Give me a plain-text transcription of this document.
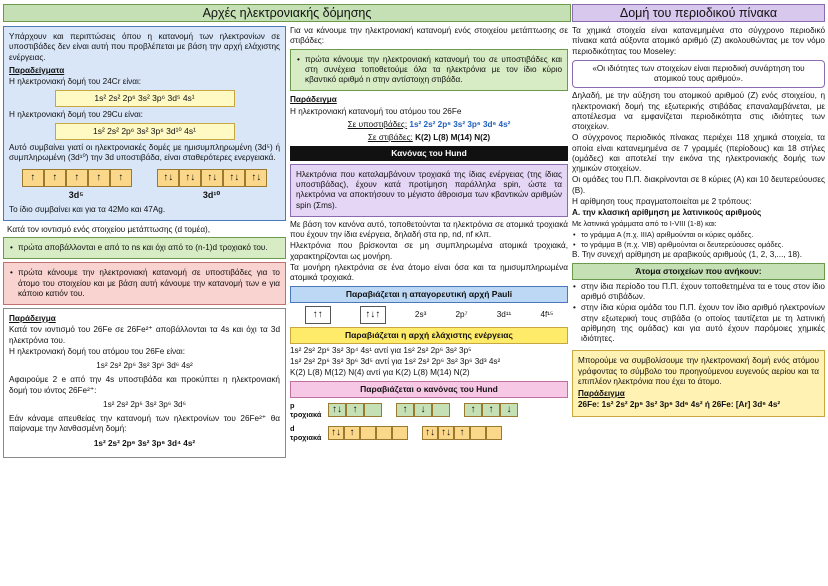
Αρχές ηλεκτρονιακής δόμησης

Υπάρχουν και περιπτώσεις όπου η κατανομή των ηλεκτρονίων σε υποστιβάδες δεν είναι αυτή που προβλέπεται με βάση την αρχή ελάχιστης ενέργειας.

Παραδείγματα

Η ηλεκτρονιακή δομή του 24Cr είναι:

1s² 2s² 2p⁶ 3s² 3p⁶ 3d⁵ 4s¹

Η ηλεκτρονιακή δομή του 29Cu είναι:

1s² 2s² 2p⁶ 3s² 3p⁶ 3d¹⁰ 4s¹

Αυτό συμβαίνει γιατί οι ηλεκτρονιακές δομές με ημισυμπληρωμένη (3d⁵) ή συμπληρωμένη (3d¹⁰) την 3d υποστιβάδα, είναι σταθερότερες ενεργειακά.

↑	↑	↑	↑	↑	↑↓	↑↓	↑↓	↑↓	↑↓
3d⁵	3d¹⁰

Το ίδιο συμβαίνει και για τα 42Mo και 47Ag.

Κατά τον ιοντισμό ενός στοιχείου μετάπτωσης (d τομέα),

• πρώτα αποβάλλονται e από το ns και όχι από το (n-1)d τροχιακό του.
• πρώτα κάνουμε την ηλεκτρονιακή κατανομή σε υποστιβάδες για το άτομο του στοιχείου και με βάση αυτή κάνουμε την κατανομή των e για κάποιο κατιόν του.

Παράδειγμα

Κατά τον ιοντισμό του 26Fe σε 26Fe²⁺ αποβάλλονται τα 4s και όχι τα 3d ηλεκτρόνια του.

Η ηλεκτρονιακή δομή του ατόμου του 26Fe είναι:

1s² 2s² 2p⁶ 3s² 3p⁶ 3d⁶ 4s²

Αφαιρούμε 2 e από την 4s υποστιβάδα και προκύπτει η ηλεκτρονιακή δομή του ιόντος 26Fe²⁺:

1s² 2s² 2p⁶ 3s² 3p⁶ 3d⁶

Εάν κάναμε απευθείας την κατανομή των ηλεκτρονίων του 26Fe²⁺ θα παίρναμε την λανθασμένη δομή:

1s² 2s² 2p⁶ 3s² 3p⁶ 3d⁴ 4s²

Για να κάνουμε την ηλεκτρονιακή κατανομή ενός στοιχείου μετάπτωσης σε στιβάδες:

• πρώτα κάνουμε την ηλεκτρονιακή κατανομή του σε υποστιβάδες και στη συνέχεια τοποθετούμε όλα τα ηλεκτρόνια με τον ίδιο κύριο κβαντικό αριθμό n στην αντίστοιχη στιβάδα.

Παράδειγμα

Η ηλεκτρονιακή κατανομή του ατόμου του 26Fe

Σε υποστιβάδες: 1s² 2s² 2p⁶ 3s² 3p⁶ 3d⁶ 4s²

Σε στιβάδες: K(2) L(8) M(14) N(2)

Κανόνας του Hund

Ηλεκτρόνια που καταλαμβάνουν τροχιακά της ίδιας ενέργειας (της ίδιας υποστιβάδας), έχουν κατά προτίμηση παράλληλα spin, ώστε τα ηλεκτρόνια να αποκτήσουν το μέγιστο άθροισμα των κβαντικών αριθμών spin (Σms).

Με βάση τον κανόνα αυτό, τοποθετούνται τα ηλεκτρόνια σε ατομικά τροχιακά που έχουν την ίδια ενέργεια, δηλαδή στα np, nd, nf κλπ.

Ηλεκτρόνια που βρίσκονται σε μη συμπληρωμένα ατομικά τροχιακά, χαρακτηρίζονται ως μονήρη.

Τα μονήρη ηλεκτρόνια σε ένα άτομο είναι όσα και τα ημισυμπληρωμένα ατομικά τροχιακά.

Παραβιάζεται η απαγορευτική αρχή Pauli
↑↑	↑↓↑	2s³	2p⁷	3d¹¹	4f¹⁵
Παραβιάζεται η αρχή ελάχιστης ενέργειας

1s² 2s² 2p⁶ 3s² 3p⁴ 4s¹ αντί για 1s² 2s² 2p⁶ 3s² 3p⁵

1s² 2s² 2p⁶ 3s² 3p⁶ 3d⁵ αντί για 1s² 2s² 2p⁶ 3s² 3p⁶ 3d³ 4s²

K(2) L(8) M(12) N(4) αντί για K(2) L(8) M(14) N(2)

Παραβιάζεται ο κανόνας του Hund
p τροχιακά	↑↓	↑	↑	↓	↑	↑	↓
d τροχιακά ↑↓ ↑	↑↓ ↑↓ ↑
Δομή του περιοδικού πίνακα

Τα χημικά στοιχεία είναι κατανεμημένα στο σύγχρονο περιοδικό πίνακα κατά αύξοντα ατομικό αριθμό (Z) ακολουθώντας με τον νόμο περιοδικότητας του Moseley:

«Οι ιδιότητες των στοιχείων είναι περιοδική συνάρτηση του ατομικού τους αριθμού».

Δηλαδή, με την αύξηση του ατομικού αριθμού (Z) ενός στοιχείου, η ηλεκτρονιακή δομή της εξωτερικής στιβάδας επαναλαμβάνεται, με αποτέλεσμα να εμφανίζεται περιοδικότητα στις ιδιότητες των στοιχείων.

Ο σύγχρονος περιοδικός πίνακας περιέχει 118 χημικά στοιχεία, τα οποία είναι κατανεμημένα σε 7 γραμμές (περίοδους) και 18 στήλες (ομάδες) και αποτελεί την εικόνα της ηλεκτρονιακής δομής των χημικών στοιχείων.

Οι ομάδες του Π.Π. διακρίνονται σε 8 κύριες (Α) και 10 δευτερεύουσες (Β).

Η αρίθμηση τους πραγματοποιείται με 2 τρόπους:

Α. την κλασική αρίθμηση με λατινικούς αριθμούς

Με λατινικά γράμματα από το I-VIII (1-8) και:

• το γράμμα Α (π.χ. IIIA) αριθμούνται οι κύριες ομάδες.
• το γράμμα Β (π.χ. VIB) αριθμούνται οι δευτερεύουσες ομάδες.

Β. Την συνεχή αρίθμηση με αραβικούς αριθμούς (1, 2, 3,..., 18).

Άτομα στοιχείων που ανήκουν:
• στην ίδια περίοδο του Π.Π. έχουν τοποθετημένα τα e τους στον ίδιο αριθμό στιβάδων.
• στην ίδια κύρια ομάδα του Π.Π. έχουν τον ίδιο αριθμό ηλεκτρονίων στην εξωτερική τους στιβάδα (ο οποίος ταυτίζεται με τη λατινική αρίθμηση της ομάδας) και για αυτό έχουν παρόμοιες χημικές ιδιότητες.

Μπορούμε να συμβολίσουμε την ηλεκτρονιακή δομή ενός ατόμου γράφοντας το σύμβολο του προηγούμενου ευγενούς αερίου και τα επιπλέον ηλεκτρόνια που έχει το άτομο.

Παράδειγμα

26Fe: 1s² 2s² 2p⁶ 3s² 3p⁶ 3d⁶ 4s² ή 26Fe: [Ar] 3d⁶ 4s²
